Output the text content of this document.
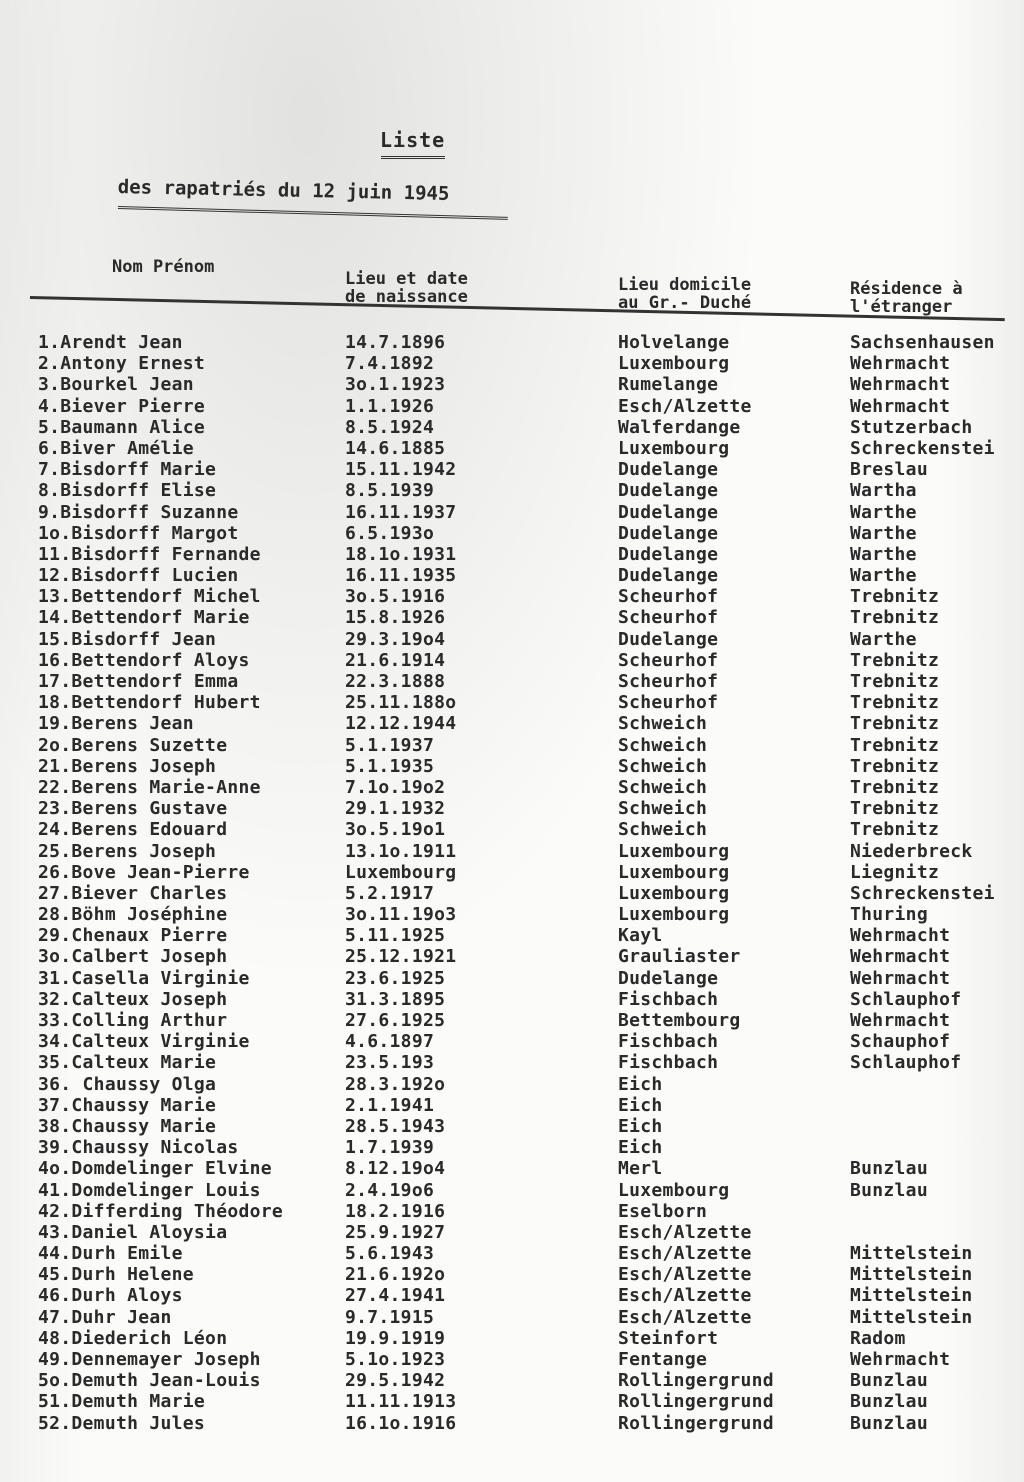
Liste
des rapatriés du 12 juin 1945
Nom Prénom
Lieu et date
de naissance
Lieu domicile
au Gr.- Duché
Résidence à
l'étranger
1.Arendt Jean	14.7.1896	Holvelange	Sachsenhausen
2.Antony Ernest	7.4.1892	Luxembourg	Wehrmacht
3.Bourkel Jean	3o.1.1923	Rumelange	Wehrmacht
4.Biever Pierre	1.1.1926	Esch/Alzette	Wehrmacht
5.Baumann Alice	8.5.1924	Walferdange	Stutzerbach
6.Biver Amélie	14.6.1885	Luxembourg	Schreckenstei
7.Bisdorff Marie	15.11.1942	Dudelange	Breslau
8.Bisdorff Elise	8.5.1939	Dudelange	Wartha
9.Bisdorff Suzanne	16.11.1937	Dudelange	Warthe
1o.Bisdorff Margot	6.5.193o	Dudelange	Warthe
11.Bisdorff Fernande	18.1o.1931	Dudelange	Warthe
12.Bisdorff Lucien	16.11.1935	Dudelange	Warthe
13.Bettendorf Michel	3o.5.1916	Scheurhof	Trebnitz
14.Bettendorf Marie	15.8.1926	Scheurhof	Trebnitz
15.Bisdorff Jean	29.3.19o4	Dudelange	Warthe
16.Bettendorf Aloys	21.6.1914	Scheurhof	Trebnitz
17.Bettendorf Emma	22.3.1888	Scheurhof	Trebnitz
18.Bettendorf Hubert	25.11.188o	Scheurhof	Trebnitz
19.Berens Jean	12.12.1944	Schweich	Trebnitz
2o.Berens Suzette	5.1.1937	Schweich	Trebnitz
21.Berens Joseph	5.1.1935	Schweich	Trebnitz
22.Berens Marie-Anne	7.1o.19o2	Schweich	Trebnitz
23.Berens Gustave	29.1.1932	Schweich	Trebnitz
24.Berens Edouard	3o.5.19o1	Schweich	Trebnitz
25.Berens Joseph	13.1o.1911	Luxembourg	Niederbreck
26.Bove Jean-Pierre	Luxembourg	Luxembourg	Liegnitz
27.Biever Charles	5.2.1917	Luxembourg	Schreckenstei
28.Böhm Joséphine	3o.11.19o3	Luxembourg	Thuring
29.Chenaux Pierre	5.11.1925	Kayl	Wehrmacht
3o.Calbert Joseph	25.12.1921	Grauliaster	Wehrmacht
31.Casella Virginie	23.6.1925	Dudelange	Wehrmacht
32.Calteux Joseph	31.3.1895	Fischbach	Schlauphof
33.Colling Arthur	27.6.1925	Bettembourg	Wehrmacht
34.Calteux Virginie	4.6.1897	Fischbach	Schauphof
35.Calteux Marie	23.5.193	Fischbach	Schlauphof
36. Chaussy Olga	28.3.192o	Eich
37.Chaussy Marie	2.1.1941	Eich
38.Chaussy Marie	28.5.1943	Eich
39.Chaussy Nicolas	1.7.1939	Eich
4o.Domdelinger Elvine	8.12.19o4	Merl	Bunzlau
41.Domdelinger Louis	2.4.19o6	Luxembourg	Bunzlau
42.Differding Théodore	18.2.1916	Eselborn
43.Daniel Aloysia	25.9.1927	Esch/Alzette
44.Durh Emile	5.6.1943	Esch/Alzette	Mittelstein
45.Durh Helene	21.6.192o	Esch/Alzette	Mittelstein
46.Durh Aloys	27.4.1941	Esch/Alzette	Mittelstein
47.Duhr Jean	9.7.1915	Esch/Alzette	Mittelstein
48.Diederich Léon	19.9.1919	Steinfort	Radom
49.Dennemayer Joseph	5.1o.1923	Fentange	Wehrmacht
5o.Demuth Jean-Louis	29.5.1942	Rollingergrund	Bunzlau
51.Demuth Marie	11.11.1913	Rollingergrund	Bunzlau
52.Demuth Jules	16.1o.1916	Rollingergrund	Bunzlau
